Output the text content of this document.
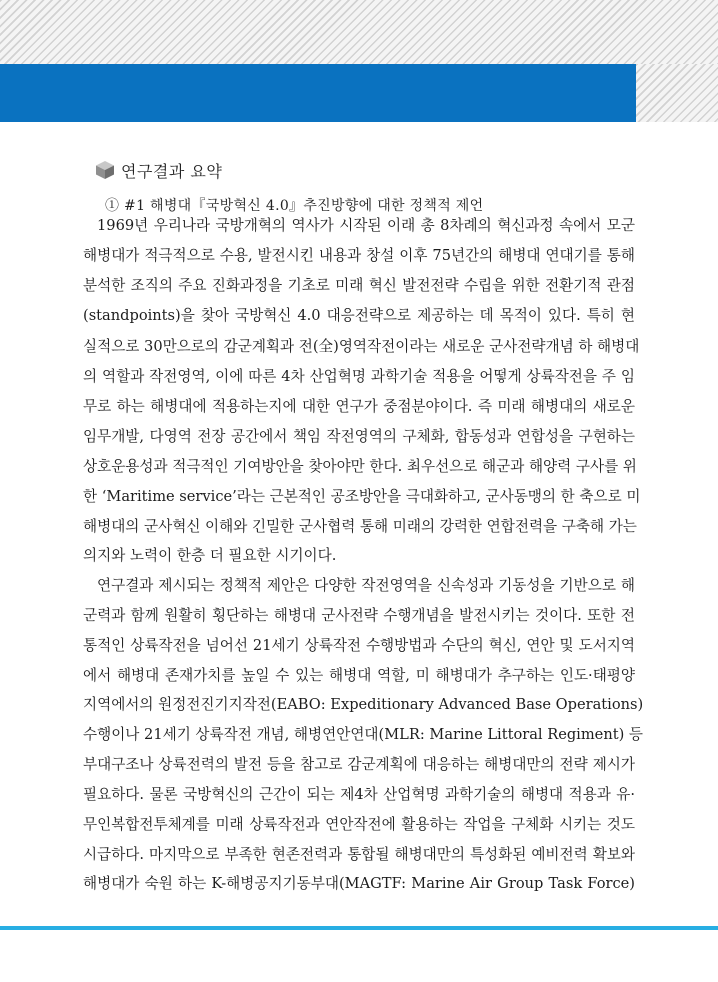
연구결과 요약
① #1 해병대『국방혁신 4.0』추진방향에 대한 정책적 제언
1969년 우리나라 국방개혁의 역사가 시작된 이래 총 8차례의 혁신과정 속에서 모군
해병대가 적극적으로 수용, 발전시킨 내용과 창설 이후 75년간의 해병대 연대기를 통해
분석한 조직의 주요 진화과정을 기초로 미래 혁신 발전전략 수립을 위한 전환기적 관점
(standpoints)을 찾아 국방혁신 4.0 대응전략으로 제공하는 데 목적이 있다. 특히 현
실적으로 30만으로의 감군계획과 전(全)영역작전이라는 새로운 군사전략개념 하 해병대
의 역할과 작전영역, 이에 따른 4차 산업혁명 과학기술 적용을 어떻게 상륙작전을 주 임
무로 하는 해병대에 적용하는지에 대한 연구가 중점분야이다. 즉 미래 해병대의 새로운
임무개발, 다영역 전장 공간에서 책임 작전영역의 구체화, 합동성과 연합성을 구현하는
상호운용성과 적극적인 기여방안을 찾아야만 한다. 최우선으로 해군과 해양력 구사를 위
한 ‘Maritime service’라는 근본적인 공조방안을 극대화하고, 군사동맹의 한 축으로 미
해병대의 군사혁신 이해와 긴밀한 군사협력 통해 미래의 강력한 연합전력을 구축해 가는
의지와 노력이 한층 더 필요한 시기이다.
연구결과 제시되는 정책적 제안은 다양한 작전영역을 신속성과 기동성을 기반으로 해
군력과 함께 원활히 횡단하는 해병대 군사전략 수행개념을 발전시키는 것이다. 또한 전
통적인 상륙작전을 넘어선 21세기 상륙작전 수행방법과 수단의 혁신, 연안 및 도서지역
에서 해병대 존재가치를 높일 수 있는 해병대 역할, 미 해병대가 추구하는 인도·태평양
지역에서의 원정전진기지작전(EABO: Expeditionary Advanced Base Operations)
수행이나 21세기 상륙작전 개념, 해병연안연대(MLR: Marine Littoral Regiment) 등
부대구조나 상륙전력의 발전 등을 참고로 감군계획에 대응하는 해병대만의 전략 제시가
필요하다. 물론 국방혁신의 근간이 되는 제4차 산업혁명 과학기술의 해병대 적용과 유·
무인복합전투체계를 미래 상륙작전과 연안작전에 활용하는 작업을 구체화 시키는 것도
시급하다. 마지막으로 부족한 현존전력과 통합될 해병대만의 특성화된 예비전력 확보와
해병대가 숙원 하는 K-해병공지기동부대(MAGTF: Marine Air Group Task Force)
